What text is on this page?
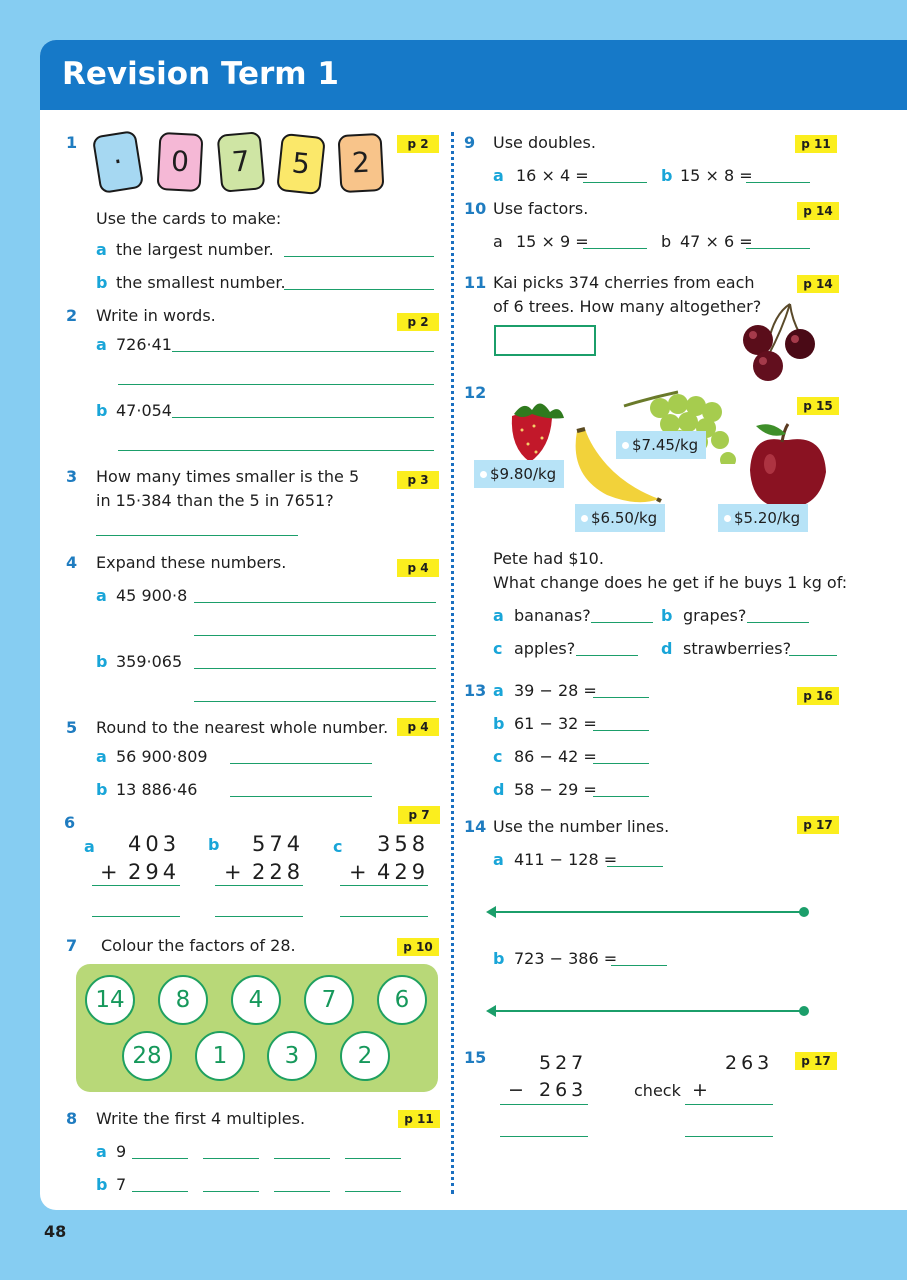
Revision Term 1
1
·	0	7	5	2
p 2
Use the cards to make:
a the largest number.
b the smallest number.
2 Write in words.	p 2
a 726·41
b 47·054
3 How many times smaller is the 5
in 15·384 than the 5 in 7651?
p 3
4 Expand these numbers.	p 4
a 45 900·8
b 359·065
5 Round to the nearest whole number.	p 4
a 56 900·809
b 13 886·46
6	p 7
a 403
+ 294
b 574
+ 228
c 358
+ 429
7 Colour the factors of 28.	p 10
14	8	4	7	6
28	1	3	2
8 Write the first 4 multiples.	p 11
a 9
b 7
9 Use doubles.	p 11
a 16 × 4 =	b 15 × 8 =
10 Use factors.	p 14
a 15 × 9 =	b 47 × 6 =
11 Kai picks 374 cherries from each
of 6 trees. How many altogether?
p 14
12
p 15
$9.80/kg
$7.45/kg
$6.50/kg	$5.20/kg
Pete had $10.
What change does he get if he buys 1 kg of:
a bananas?	b grapes?
c apples?	d strawberries?
13	p 16
a 39 − 28 =
b 61 − 32 =
c 86 − 42 =
d 58 − 29 =
14 Use the number lines.	p 17
a 411 − 128 =
b 723 − 386 =
15	p 17
527
− 263	check
263
+
48
